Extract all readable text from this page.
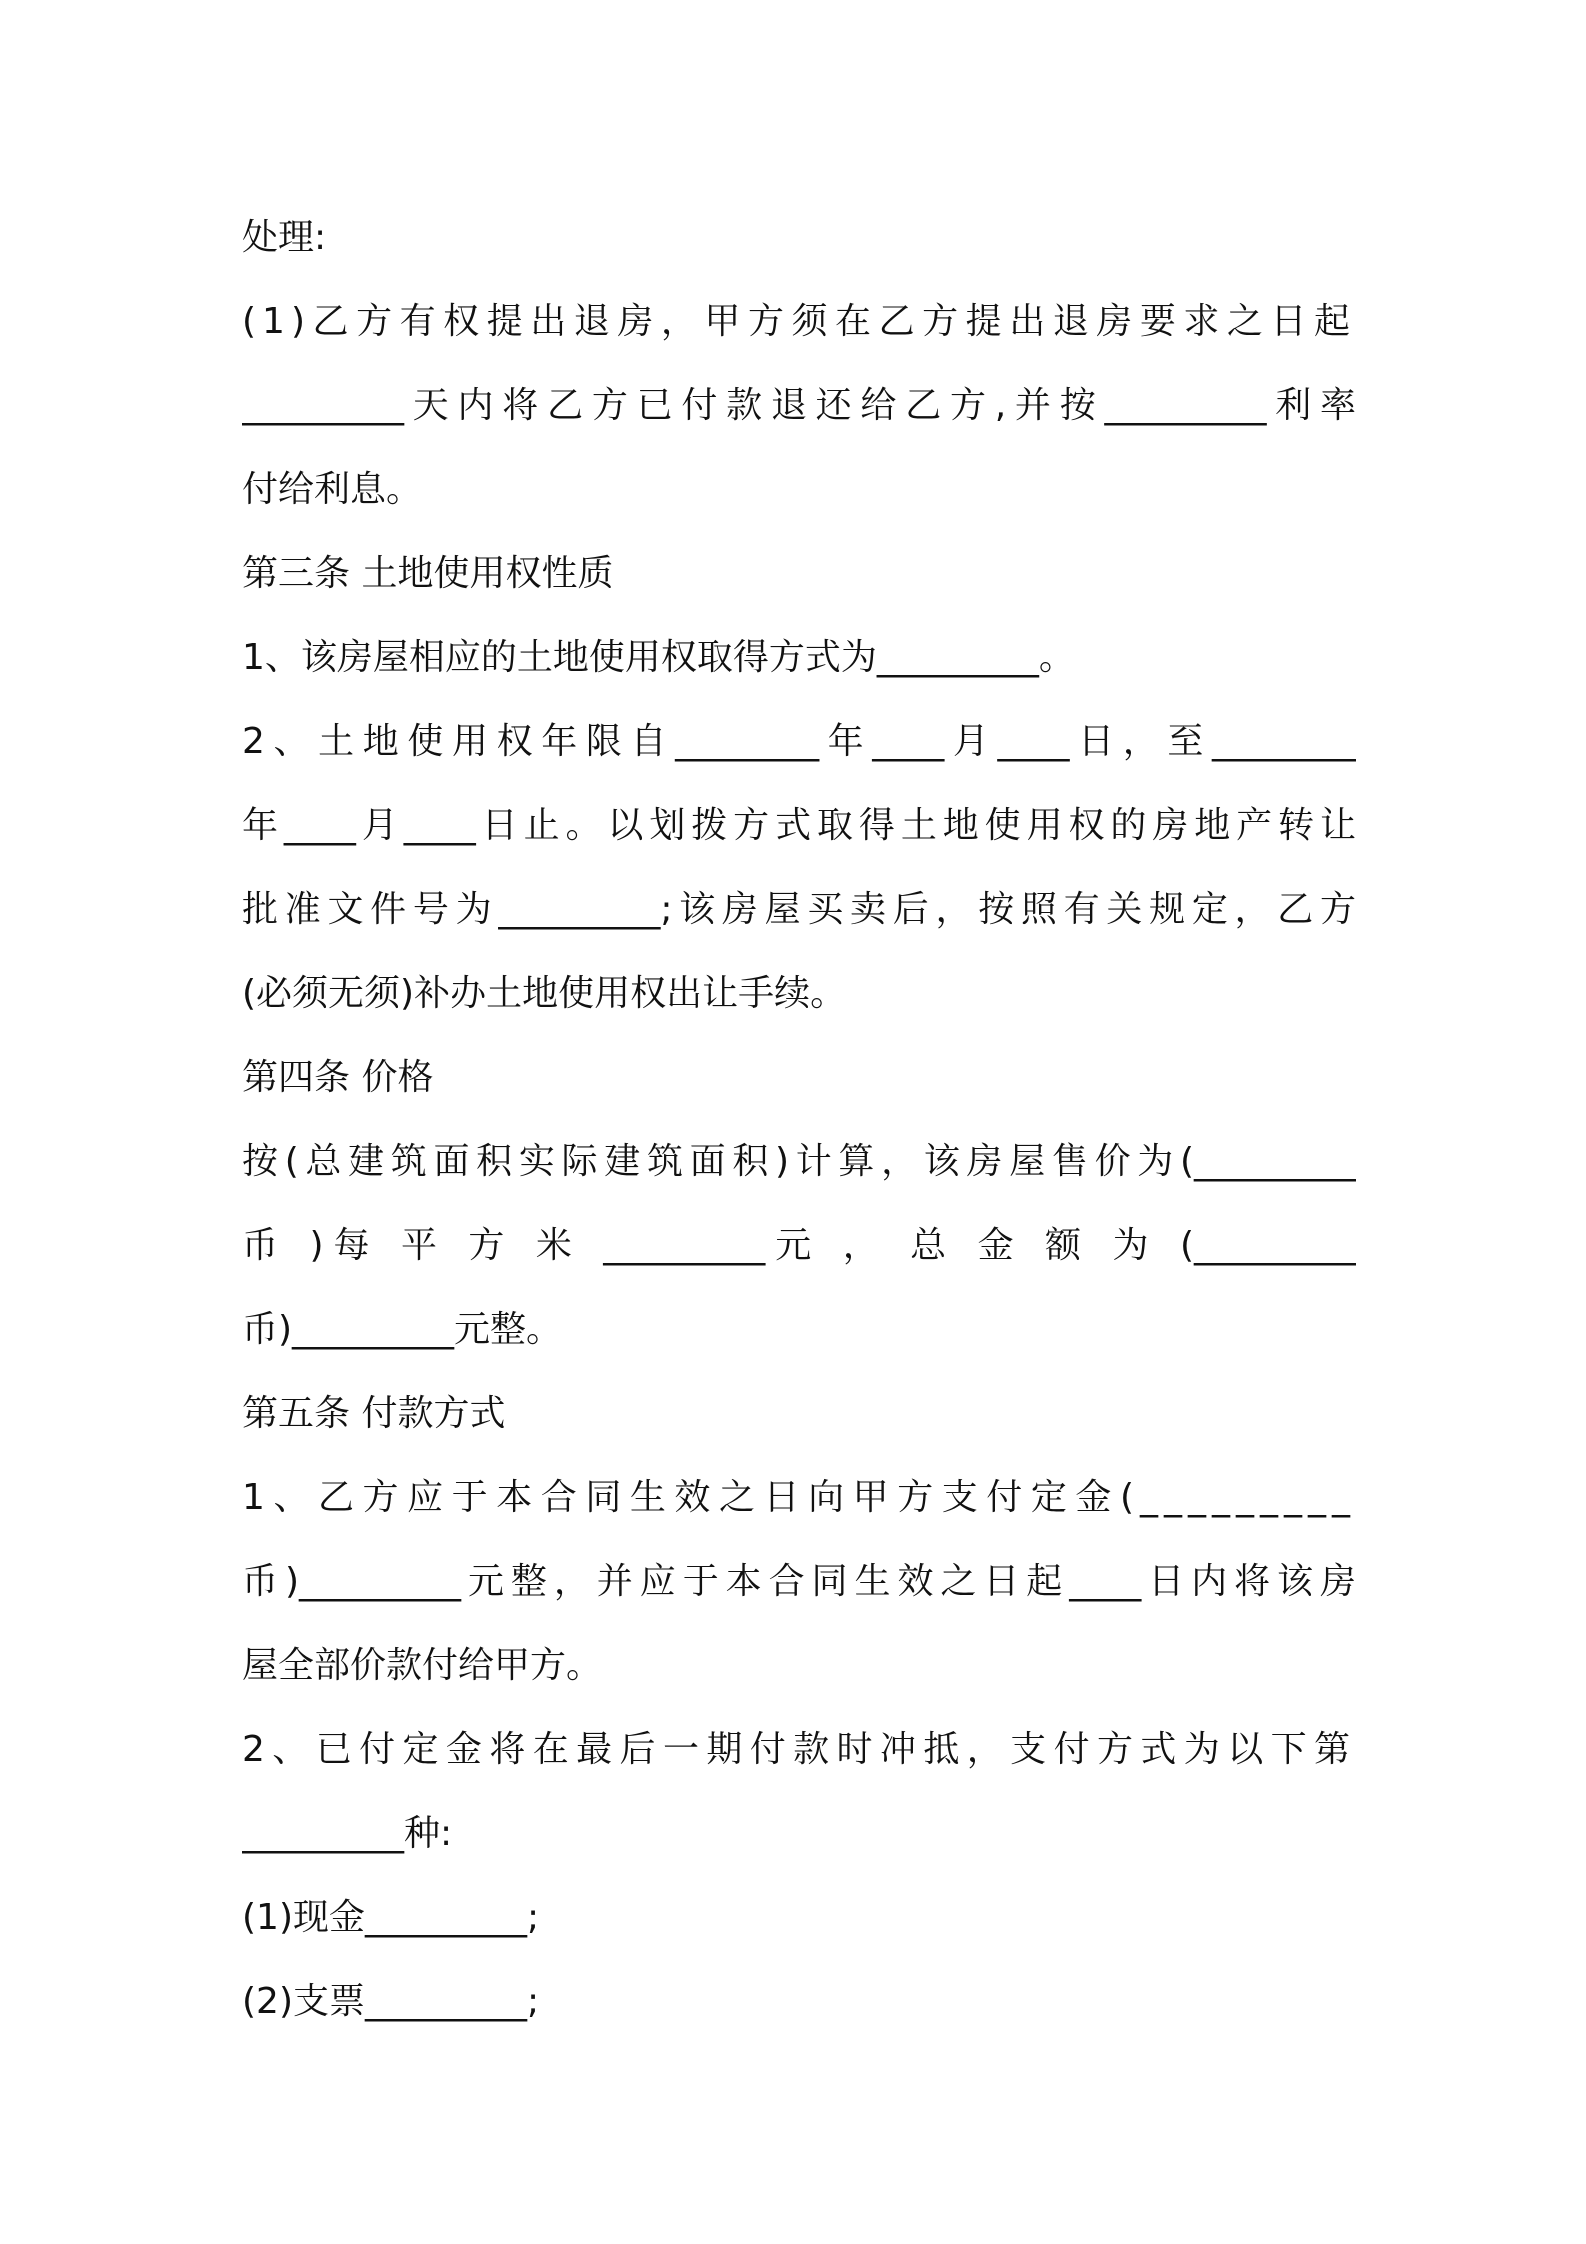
处理:
(1)乙方有权提出退房，甲方须在乙方提出退房要求之日起
_________天内将乙方已付款退还给乙方,并按_________利率
付给利息。
第三条 土地使用权性质
1、该房屋相应的土地使用权取得方式为_________。
2、土地使用权年限自________年____月____日，至________
年____月____日止。以划拨方式取得土地使用权的房地产转让
批准文件号为_________;该房屋买卖后，按照有关规定，乙方
(必须无须)补办土地使用权出让手续。
第四条 价格
按(总建筑面积实际建筑面积)计算，该房屋售价为(_________
币 )每 平 方 米 _________元 ， 总 金 额 为 (_________
币)_________元整。
第五条 付款方式
1、乙方应于本合同生效之日向甲方支付定金(_________
币)_________元整，并应于本合同生效之日起____日内将该房
屋全部价款付给甲方。
2、已付定金将在最后一期付款时冲抵，支付方式为以下第
_________种:
(1)现金_________;
(2)支票_________;
